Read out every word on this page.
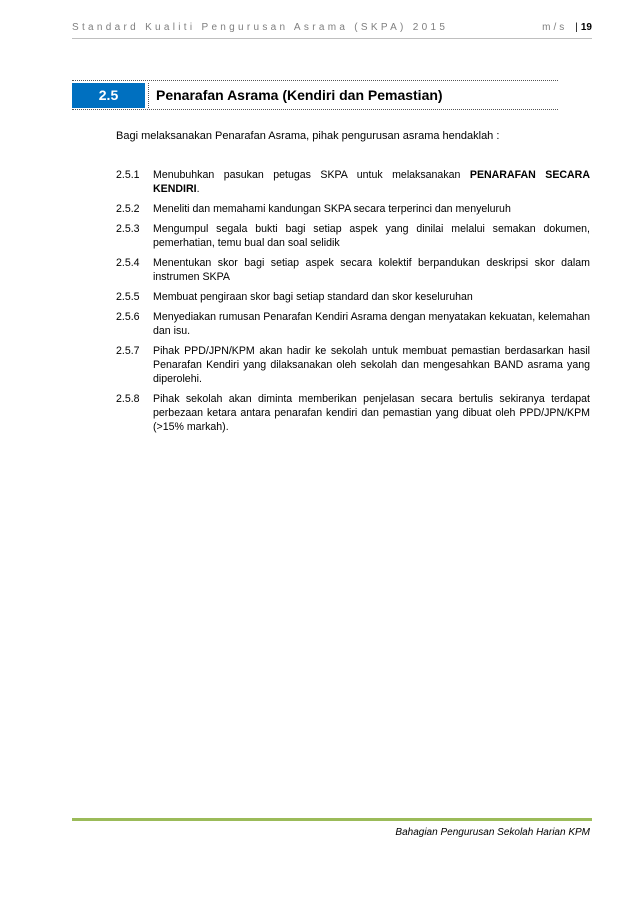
Standard Kualiti Pengurusan Asrama (SKPA) 2015	m/s | 19
2.5	Penarafan Asrama (Kendiri dan Pemastian)
Bagi melaksanakan Penarafan Asrama, pihak pengurusan asrama hendaklah :
2.5.1 Menubuhkan pasukan petugas SKPA untuk melaksanakan PENARAFAN SECARA KENDIRI.
2.5.2 Meneliti dan memahami kandungan SKPA secara terperinci dan menyeluruh
2.5.3 Mengumpul segala bukti bagi setiap aspek yang dinilai melalui semakan dokumen, pemerhatian, temu bual dan soal selidik
2.5.4 Menentukan skor bagi setiap aspek secara kolektif berpandukan deskripsi skor dalam instrumen SKPA
2.5.5 Membuat pengiraan skor bagi setiap standard dan skor keseluruhan
2.5.6 Menyediakan rumusan Penarafan Kendiri Asrama dengan menyatakan kekuatan, kelemahan dan isu.
2.5.7 Pihak PPD/JPN/KPM akan hadir ke sekolah untuk membuat pemastian berdasarkan hasil Penarafan Kendiri yang dilaksanakan oleh sekolah dan mengesahkan BAND asrama yang diperolehi.
2.5.8 Pihak sekolah akan diminta memberikan penjelasan secara bertulis sekiranya terdapat perbezaan ketara antara penarafan kendiri dan pemastian yang dibuat oleh PPD/JPN/KPM (>15% markah).
Bahagian Pengurusan Sekolah Harian KPM
